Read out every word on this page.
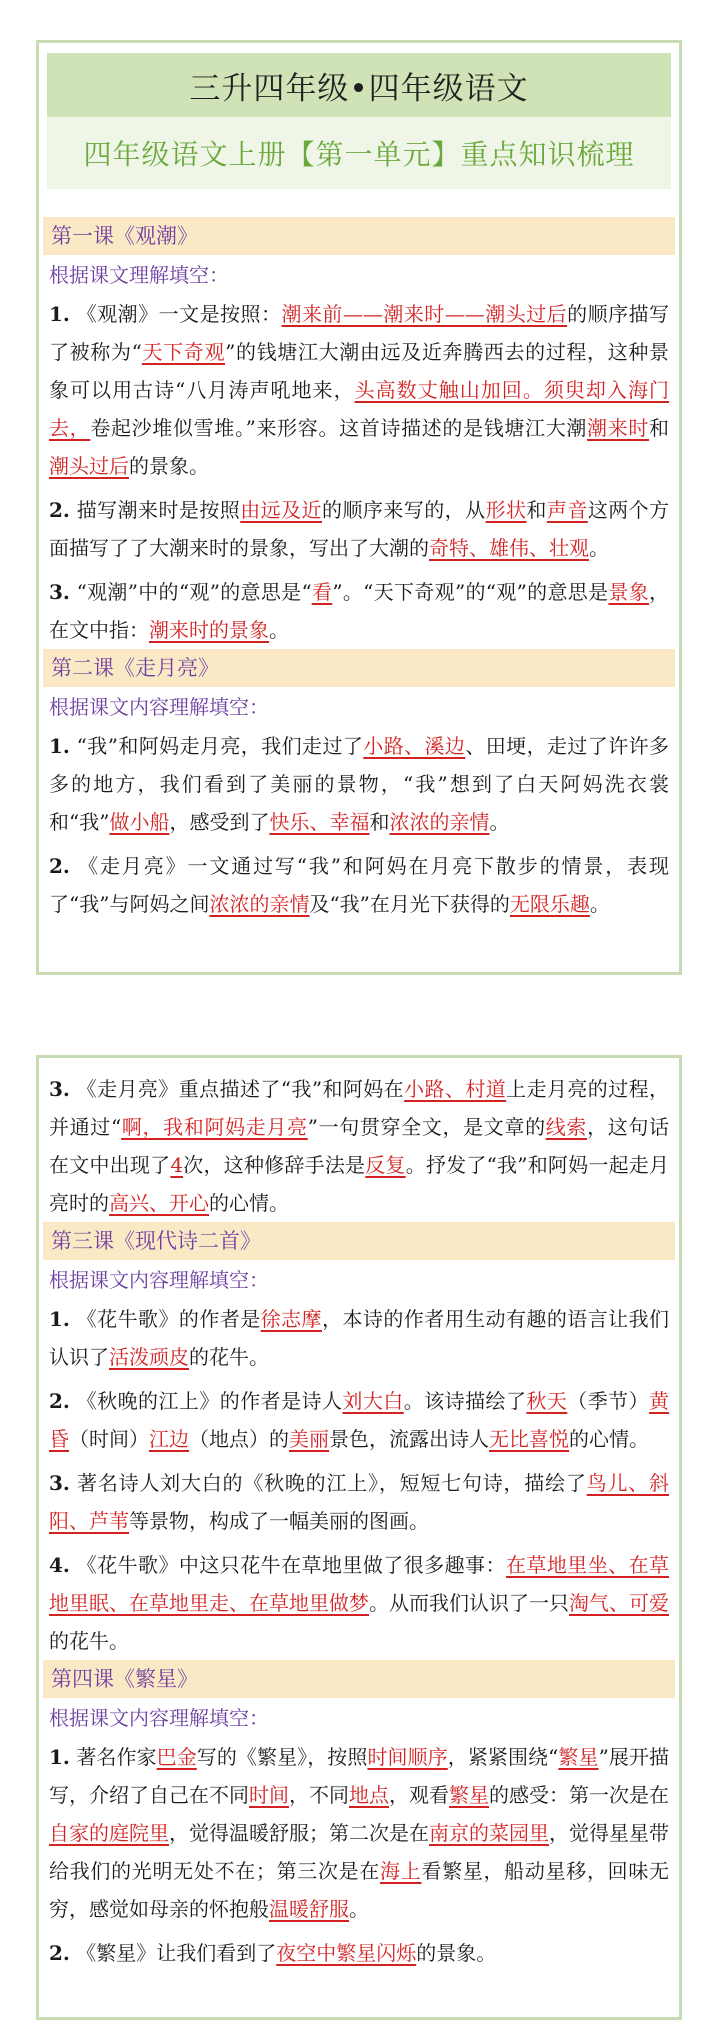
三升四年级•四年级语文
四年级语文上册【第一单元】重点知识梳理
第一课《观潮》
根据课文理解填空：
1. 《观潮》一文是按照：潮来前——潮来时——潮头过后的顺序描写了被称为“天下奇观”的钱塘江大潮由远及近奔腾西去的过程，这种景象可以用古诗“八月涛声吼地来，头高数丈触山加回。须臾却入海门去，卷起沙堆似雪堆。”来形容。这首诗描述的是钱塘江大潮潮来时和潮头过后的景象。
2. 描写潮来时是按照由远及近的顺序来写的，从形状和声音这两个方面描写了了大潮来时的景象，写出了大潮的奇特、雄伟、壮观。
3. “观潮”中的“观”的意思是“看”。“天下奇观”的“观”的意思是景象，在文中指：潮来时的景象。
第二课《走月亮》
根据课文内容理解填空：
1. “我”和阿妈走月亮，我们走过了小路、溪边、田埂，走过了许许多多的地方，我们看到了美丽的景物，“我”想到了白天阿妈洗衣裳和“我”做小船，感受到了快乐、幸福和浓浓的亲情。
2. 《走月亮》一文通过写“我”和阿妈在月亮下散步的情景，表现了“我”与阿妈之间浓浓的亲情及“我”在月光下获得的无限乐趣。
3. 《走月亮》重点描述了“我”和阿妈在小路、村道上走月亮的过程，并通过“啊，我和阿妈走月亮”一句贯穿全文，是文章的线索，这句话在文中出现了4次，这种修辞手法是反复。抒发了“我”和阿妈一起走月亮时的高兴、开心的心情。
第三课《现代诗二首》
根据课文内容理解填空：
1. 《花牛歌》的作者是徐志摩，本诗的作者用生动有趣的语言让我们认识了活泼顽皮的花牛。
2. 《秋晚的江上》的作者是诗人刘大白。该诗描绘了秋天（季节）黄昏（时间）江边（地点）的美丽景色，流露出诗人无比喜悦的心情。
3. 著名诗人刘大白的《秋晚的江上》，短短七句诗，描绘了鸟儿、斜阳、芦苇等景物，构成了一幅美丽的图画。
4. 《花牛歌》中这只花牛在草地里做了很多趣事：在草地里坐、在草地里眠、在草地里走、在草地里做梦。从而我们认识了一只淘气、可爱的花牛。
第四课《繁星》
根据课文内容理解填空：
1. 著名作家巴金写的《繁星》，按照时间顺序，紧紧围绕“繁星”展开描写，介绍了自己在不同时间，不同地点，观看繁星的感受：第一次是在自家的庭院里，觉得温暖舒服；第二次是在南京的菜园里，觉得星星带给我们的光明无处不在；第三次是在海上看繁星，船动星移，回味无穷，感觉如母亲的怀抱般温暖舒服。
2. 《繁星》让我们看到了夜空中繁星闪烁的景象。
